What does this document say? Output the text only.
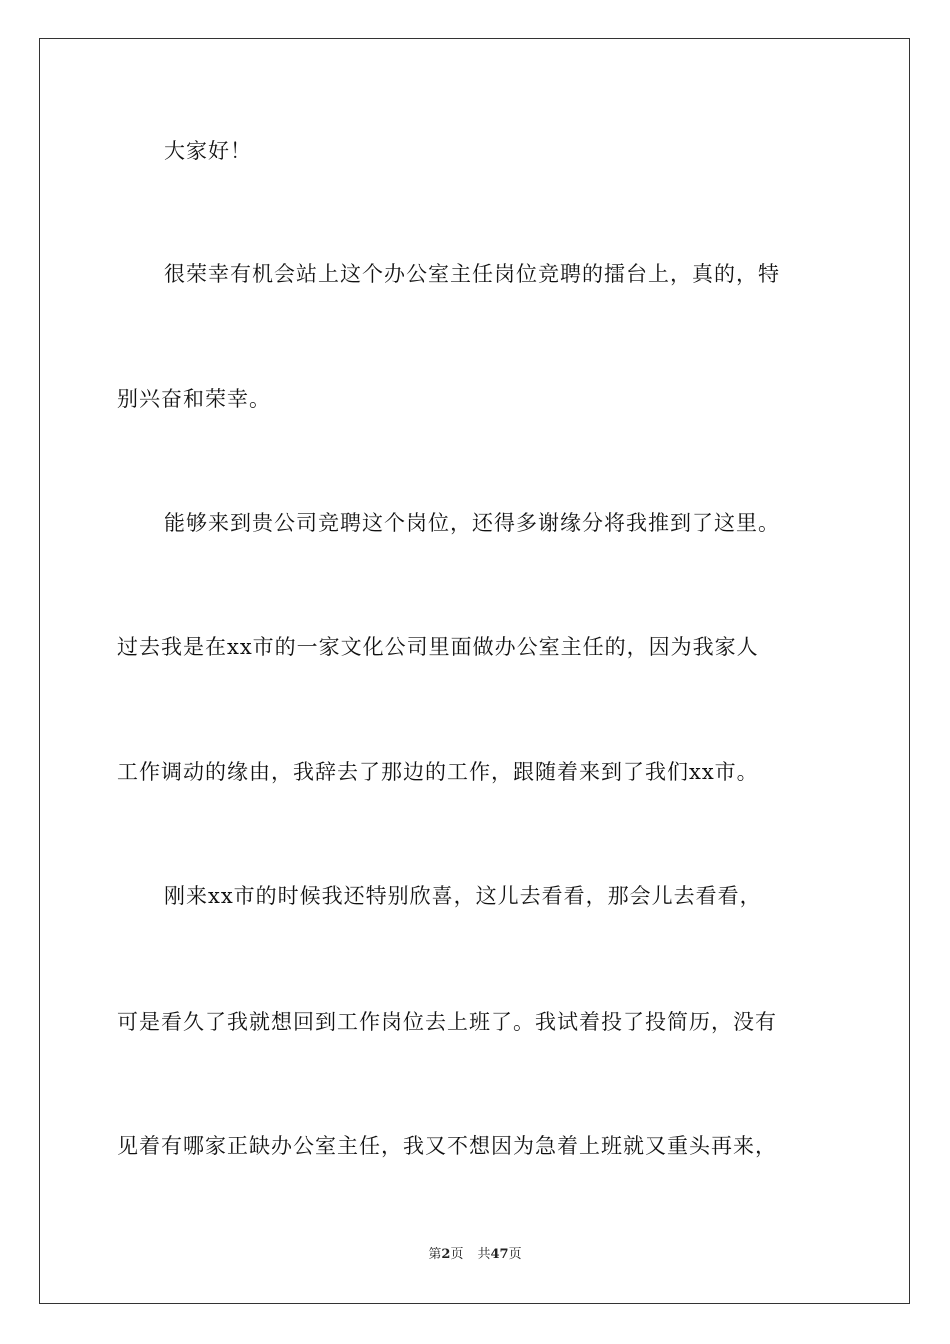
大家好！
很荣幸有机会站上这个办公室主任岗位竞聘的擂台上，真的，特
别兴奋和荣幸。
能够来到贵公司竞聘这个岗位，还得多谢缘分将我推到了这里。
过去我是在xx市的一家文化公司里面做办公室主任的，因为我家人
工作调动的缘由，我辞去了那边的工作，跟随着来到了我们xx市。
刚来xx市的时候我还特别欣喜，这儿去看看，那会儿去看看，
可是看久了我就想回到工作岗位去上班了。我试着投了投简历，没有
见着有哪家正缺办公室主任，我又不想因为急着上班就又重头再来，
第2页 共47页
